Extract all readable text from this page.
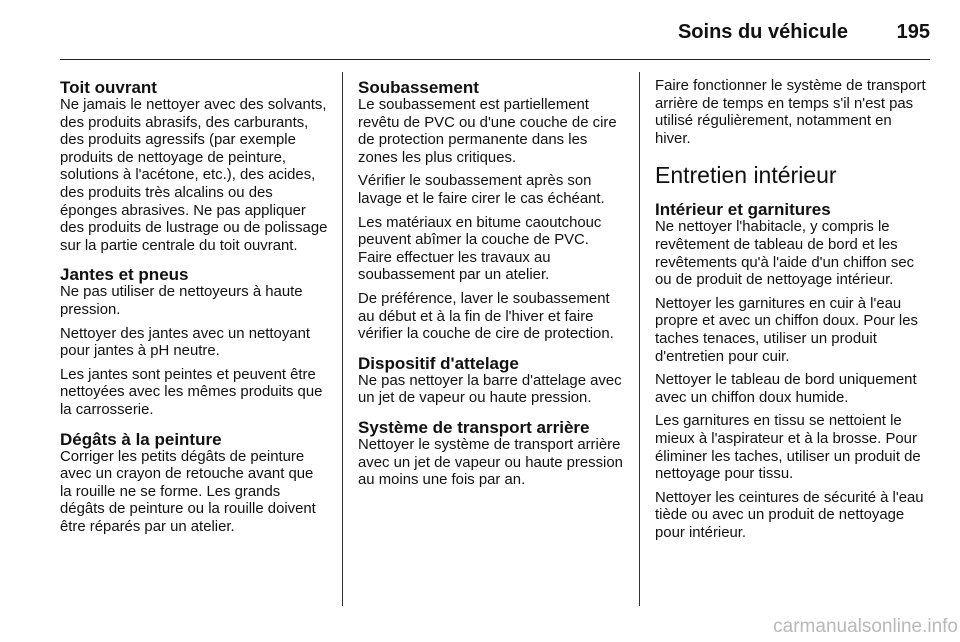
Soins du véhicule	195
Toit ouvrant

Ne jamais le nettoyer avec des solvants, des produits abrasifs, des carburants, des produits agressifs (par exemple produits de nettoyage de peinture, solutions à l'acétone, etc.), des acides, des produits très alcalins ou des éponges abrasives. Ne pas appliquer des produits de lustrage ou de polissage sur la partie centrale du toit ouvrant.

Jantes et pneus

Ne pas utiliser de nettoyeurs à haute pression.

Nettoyer des jantes avec un nettoyant pour jantes à pH neutre.

Les jantes sont peintes et peuvent être nettoyées avec les mêmes produits que la carrosserie.

Dégâts à la peinture

Corriger les petits dégâts de peinture avec un crayon de retouche avant que la rouille ne se forme. Les grands dégâts de peinture ou la rouille doivent être réparés par un atelier.

Soubassement

Le soubassement est partiellement revêtu de PVC ou d'une couche de cire de protection permanente dans les zones les plus critiques.

Vérifier le soubassement après son lavage et le faire cirer le cas échéant.

Les matériaux en bitume caoutchouc peuvent abîmer la couche de PVC. Faire effectuer les travaux au soubassement par un atelier.

De préférence, laver le soubassement au début et à la fin de l'hiver et faire vérifier la couche de cire de protection.

Dispositif d'attelage

Ne pas nettoyer la barre d'attelage avec un jet de vapeur ou haute pression.

Système de transport arrière

Nettoyer le système de transport arrière avec un jet de vapeur ou haute pression au moins une fois par an.

Faire fonctionner le système de transport arrière de temps en temps s'il n'est pas utilisé régulièrement, notamment en hiver.

Entretien intérieur
Intérieur et garnitures

Ne nettoyer l'habitacle, y compris le revêtement de tableau de bord et les revêtements qu'à l'aide d'un chiffon sec ou de produit de nettoyage intérieur.

Nettoyer les garnitures en cuir à l'eau propre et avec un chiffon doux. Pour les taches tenaces, utiliser un produit d'entretien pour cuir.

Nettoyer le tableau de bord uniquement avec un chiffon doux humide.

Les garnitures en tissu se nettoient le mieux à l'aspirateur et à la brosse. Pour éliminer les taches, utiliser un produit de nettoyage pour tissu.

Nettoyer les ceintures de sécurité à l'eau tiède ou avec un produit de nettoyage pour intérieur.

carmanualsonline.info
